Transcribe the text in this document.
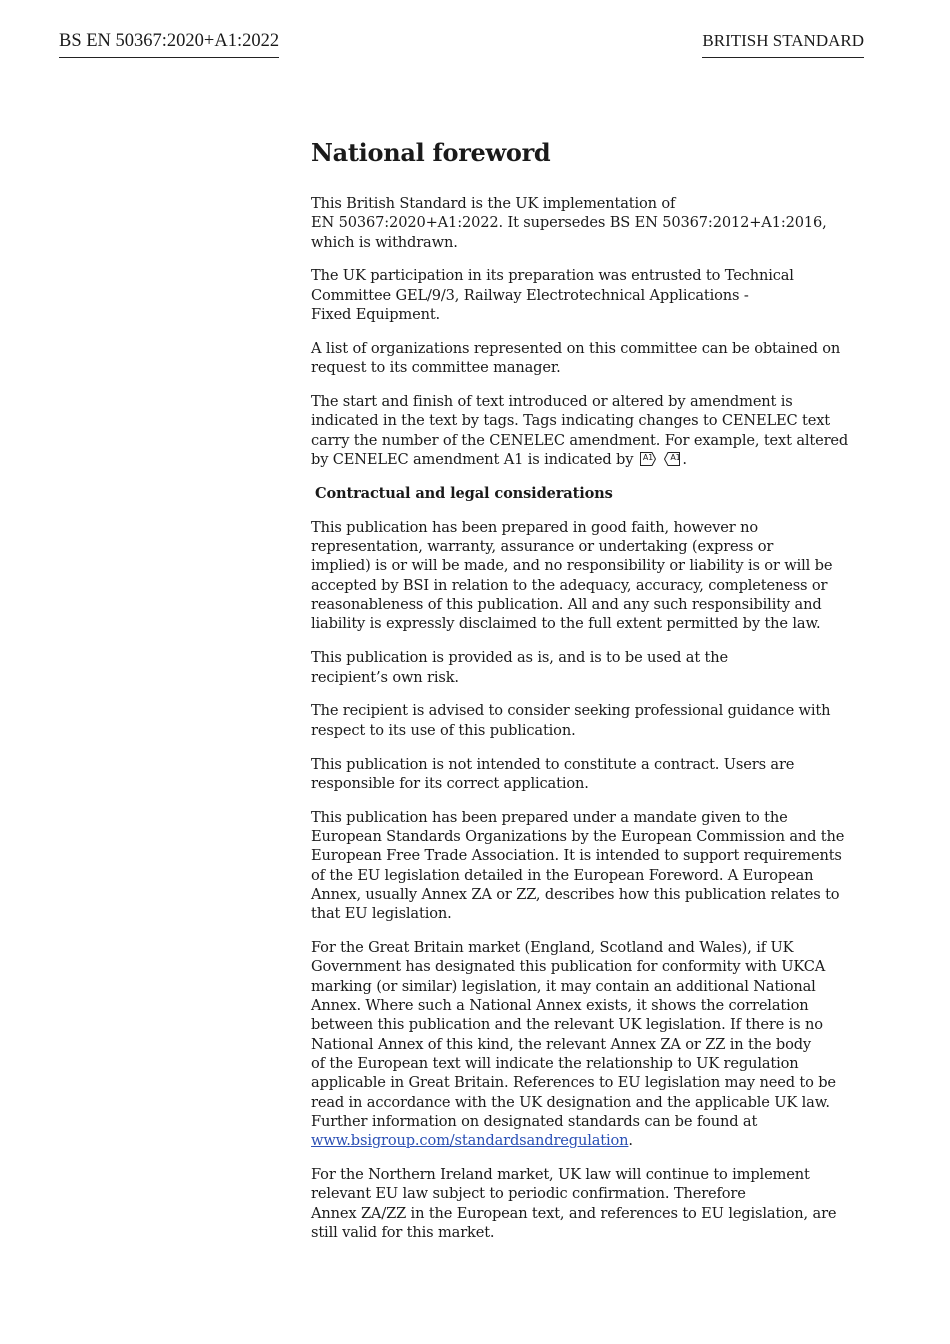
BS EN 50367:2020+A1:2022	BRITISH STANDARD
National foreword

This British Standard is the UK implementation of
EN 50367:2020+A1:2022. It supersedes BS EN 50367:2012+A1:2016,
which is withdrawn.

The UK participation in its preparation was entrusted to Technical
Committee GEL/9/3, Railway Electrotechnical Applications -
Fixed Equipment.

A list of organizations represented on this committee can be obtained on
request to its committee manager.

The start and finish of text introduced or altered by amendment is
indicated in the text by tags. Tags indicating changes to CENELEC text
carry the number of the CENELEC amendment. For example, text altered
by CENELEC amendment A1 is indicated by A1
A1 .

Contractual and legal considerations

This publication has been prepared in good faith, however no
representation, warranty, assurance or undertaking (express or
implied) is or will be made, and no responsibility or liability is or will be
accepted by BSI in relation to the adequacy, accuracy, completeness or
reasonableness of this publication. All and any such responsibility and
liability is expressly disclaimed to the full extent permitted by the law.

This publication is provided as is, and is to be used at the
recipient’s own risk.

The recipient is advised to consider seeking professional guidance with
respect to its use of this publication.

This publication is not intended to constitute a contract. Users are
responsible for its correct application.

This publication has been prepared under a mandate given to the
European Standards Organizations by the European Commission and the
European Free Trade Association. It is intended to support requirements
of the EU legislation detailed in the European Foreword. A European
Annex, usually Annex ZA or ZZ, describes how this publication relates to
that EU legislation.

For the Great Britain market (England, Scotland and Wales), if UK
Government has designated this publication for conformity with UKCA
marking (or similar) legislation, it may contain an additional National
Annex. Where such a National Annex exists, it shows the correlation
between this publication and the relevant UK legislation. If there is no
National Annex of this kind, the relevant Annex ZA or ZZ in the body
of the European text will indicate the relationship to UK regulation
applicable in Great Britain. References to EU legislation may need to be
read in accordance with the UK designation and the applicable UK law.
Further information on designated standards can be found at
www.bsigroup.com/standardsandregulation.

For the Northern Ireland market, UK law will continue to implement
relevant EU law subject to periodic confirmation. Therefore
Annex ZA/ZZ in the European text, and references to EU legislation, are
still valid for this market.
